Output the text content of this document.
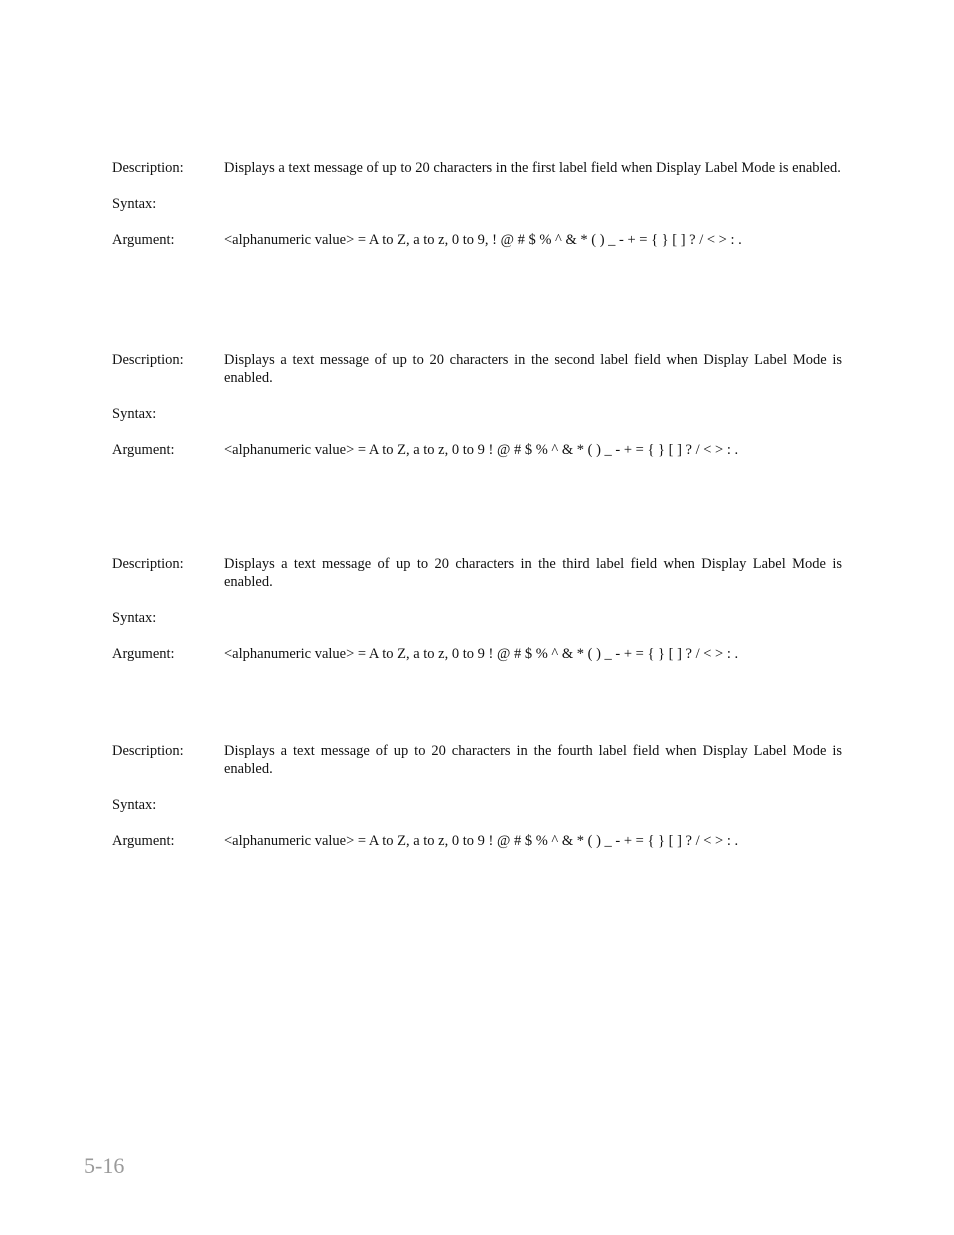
Description:	Displays a text message of up to 20 characters in the first label field when Display Label Mode is enabled.
Syntax:
Argument:	<alphanumeric value> = A to Z, a to z, 0 to 9, ! @ # $ % ^ & * ( ) _ - + = { } [ ] ? / < > : .
Description:	Displays a text message of up to 20 characters in the second label field when Display Label Mode is enabled.
Syntax:
Argument:	<alphanumeric value> = A to Z, a to z, 0 to 9 ! @ # $ % ^ & * ( ) _ - + = { } [ ] ? / < > : .
Description:	Displays a text message of up to 20 characters in the third label field when Display Label Mode is enabled.
Syntax:
Argument:	<alphanumeric value> = A to Z, a to z, 0 to 9 ! @ # $ % ^ & * ( ) _ - + = { } [ ] ? / < > : .
Description:	Displays a text message of up to 20 characters in the fourth label field when Display Label Mode is enabled.
Syntax:
Argument:	<alphanumeric value> = A to Z, a to z, 0 to 9 ! @ # $ % ^ & * ( ) _ - + = { } [ ] ? / < > : .
5-16
